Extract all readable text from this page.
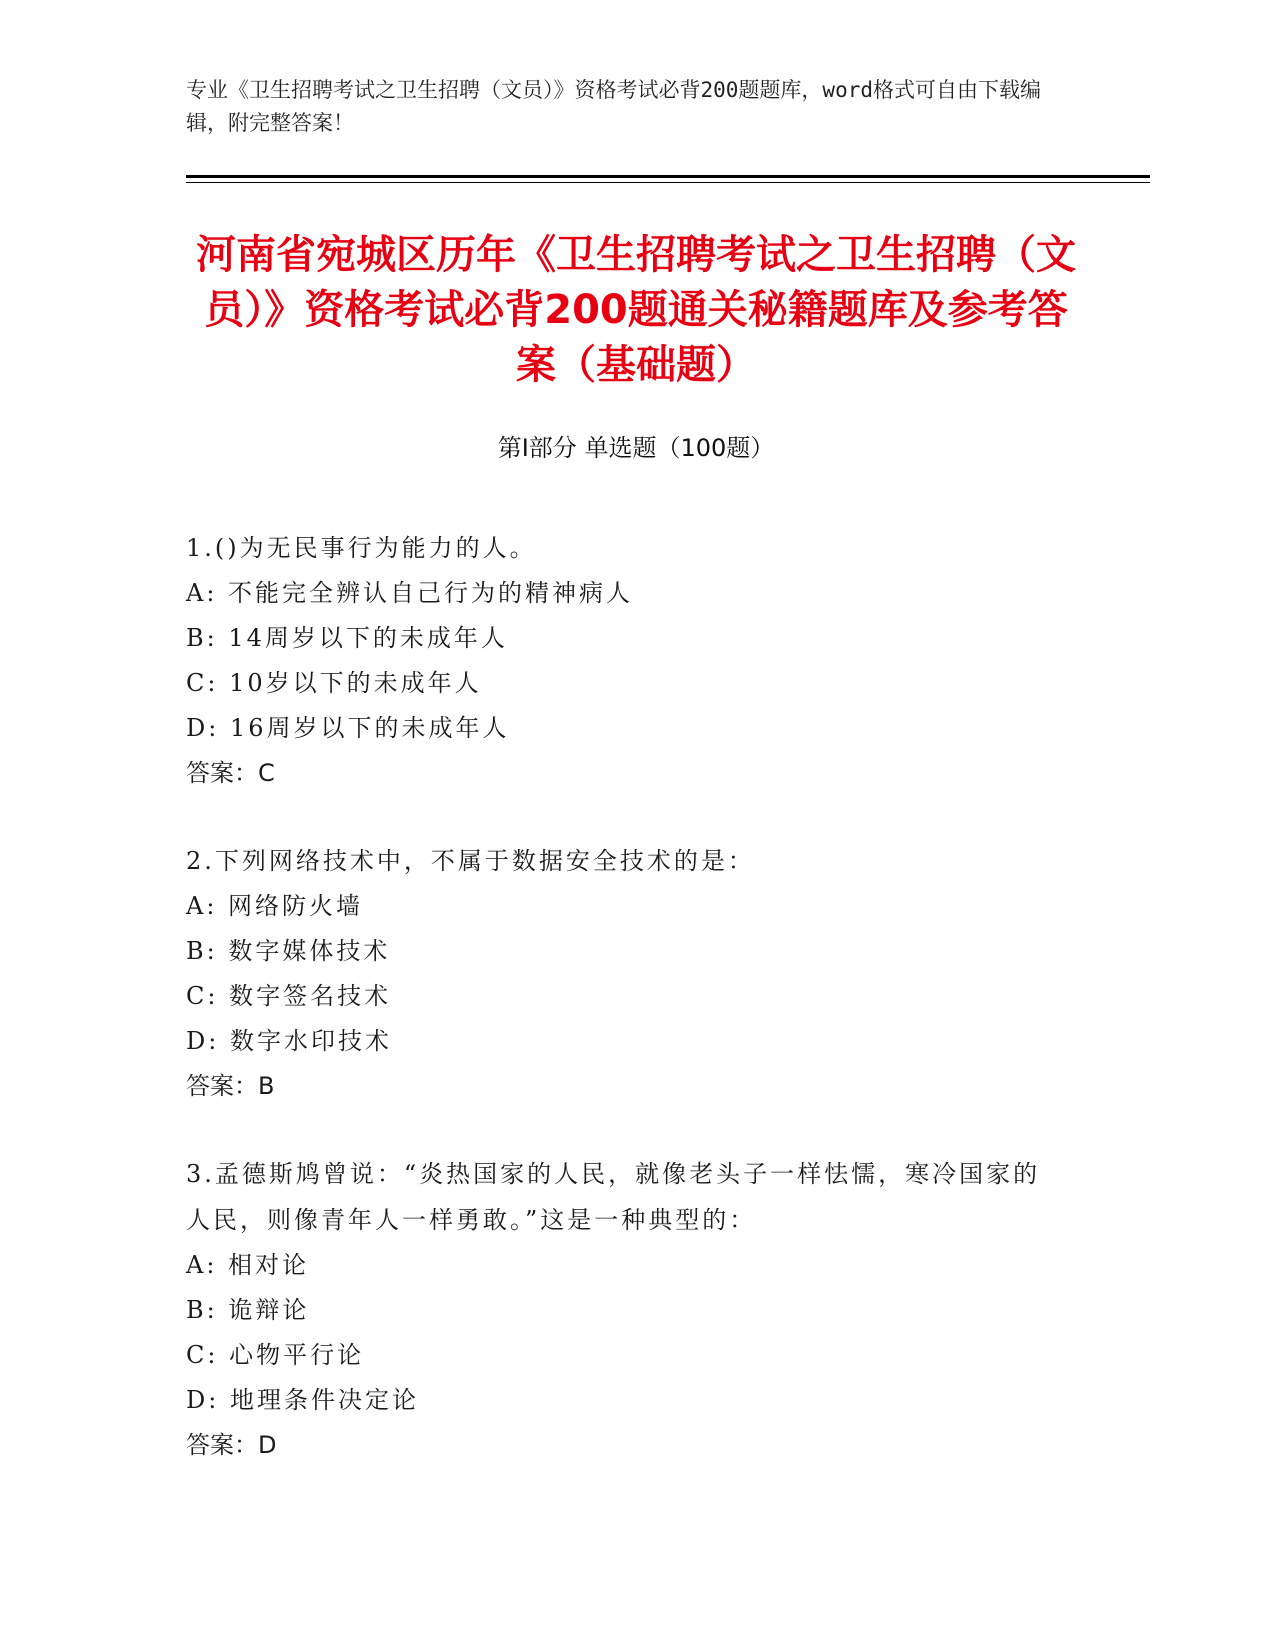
专业《卫生招聘考试之卫生招聘（文员）》资格考试必背200题题库，word格式可自由下载编辑，附完整答案！
河南省宛城区历年《卫生招聘考试之卫生招聘（文员）》资格考试必背200题通关秘籍题库及参考答案（基础题）
第Ⅰ部分 单选题（100题）
1.()为无民事行为能力的人。
A: 不能完全辨认自己行为的精神病人
B: 14周岁以下的未成年人
C: 10岁以下的未成年人
D: 16周岁以下的未成年人
答案：C
2.下列网络技术中，不属于数据安全技术的是：
A: 网络防火墙
B: 数字媒体技术
C: 数字签名技术
D: 数字水印技术
答案：B
3.孟德斯鸠曾说：“炎热国家的人民，就像老头子一样怯懦，寒冷国家的人民，则像青年人一样勇敢。”这是一种典型的：
A: 相对论
B: 诡辩论
C: 心物平行论
D: 地理条件决定论
答案：D
